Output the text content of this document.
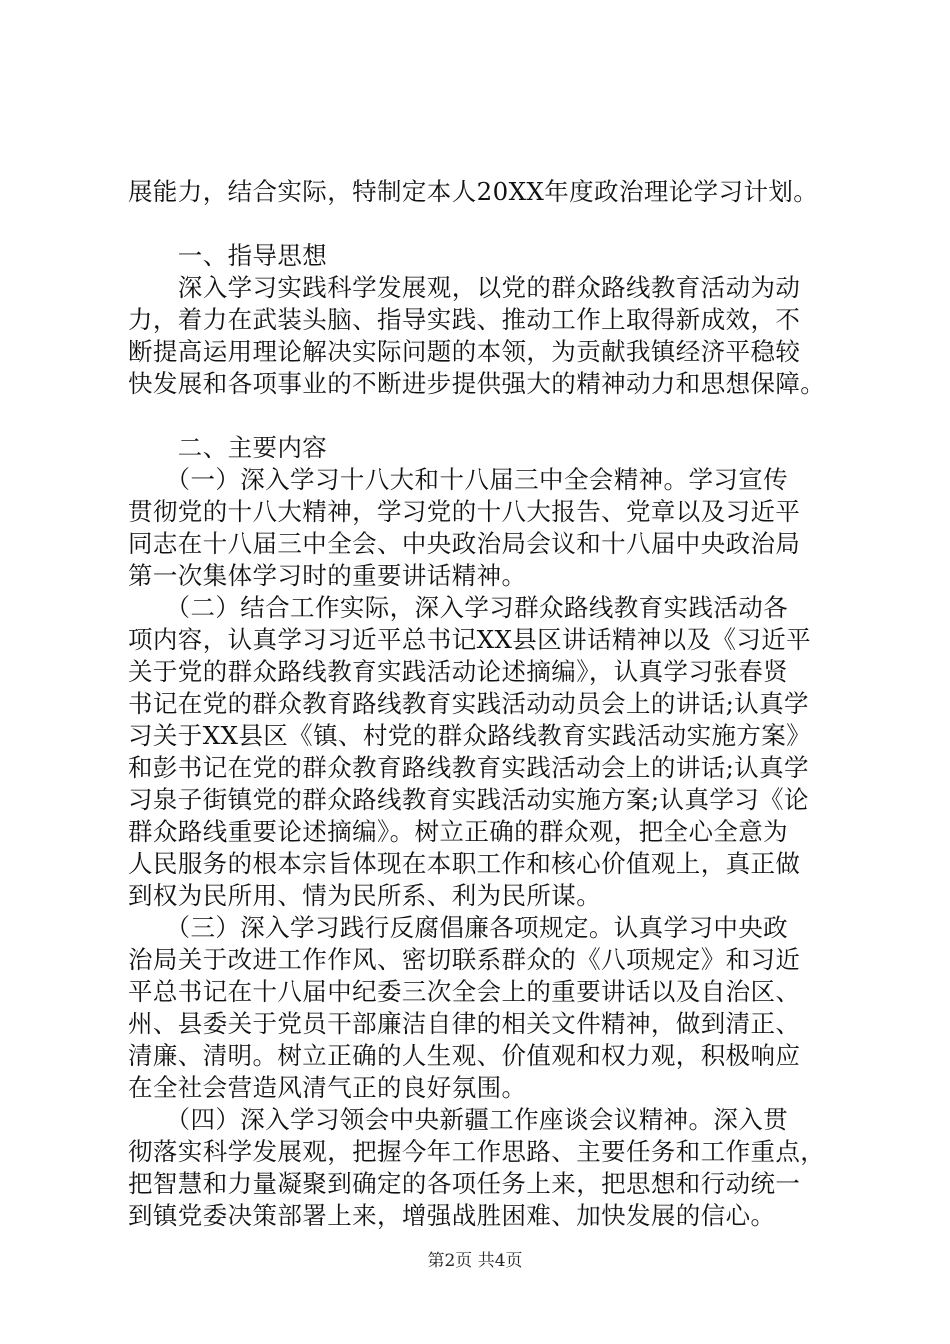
展能力，结合实际，特制定本人20XX年度政治理论学习计划。
　　一、指导思想
　　深入学习实践科学发展观，以党的群众路线教育活动为动
力，着力在武装头脑、指导实践、推动工作上取得新成效，不
断提高运用理论解决实际问题的本领，为贡献我镇经济平稳较
快发展和各项事业的不断进步提供强大的精神动力和思想保障。
　　二、主要内容
　　（一）深入学习十八大和十八届三中全会精神。学习宣传
贯彻党的十八大精神，学习党的十八大报告、党章以及习近平
同志在十八届三中全会、中央政治局会议和十八届中央政治局
第一次集体学习时的重要讲话精神。
　　（二）结合工作实际，深入学习群众路线教育实践活动各
项内容，认真学习习近平总书记XX县区讲话精神以及《习近平
关于党的群众路线教育实践活动论述摘编》，认真学习张春贤
书记在党的群众教育路线教育实践活动动员会上的讲话;认真学
习关于XX县区《镇、村党的群众路线教育实践活动实施方案》
和彭书记在党的群众教育路线教育实践活动会上的讲话;认真学
习泉子街镇党的群众路线教育实践活动实施方案;认真学习《论
群众路线重要论述摘编》。树立正确的群众观，把全心全意为
人民服务的根本宗旨体现在本职工作和核心价值观上，真正做
到权为民所用、情为民所系、利为民所谋。
　　（三）深入学习践行反腐倡廉各项规定。认真学习中央政
治局关于改进工作作风、密切联系群众的《八项规定》和习近
平总书记在十八届中纪委三次全会上的重要讲话以及自治区、
州、县委关于党员干部廉洁自律的相关文件精神，做到清正、
清廉、清明。树立正确的人生观、价值观和权力观，积极响应
在全社会营造风清气正的良好氛围。
　　（四）深入学习领会中央新疆工作座谈会议精神。深入贯
彻落实科学发展观，把握今年工作思路、主要任务和工作重点，
把智慧和力量凝聚到确定的各项任务上来，把思想和行动统一
到镇党委决策部署上来，增强战胜困难、加快发展的信心。
第2页 共4页
